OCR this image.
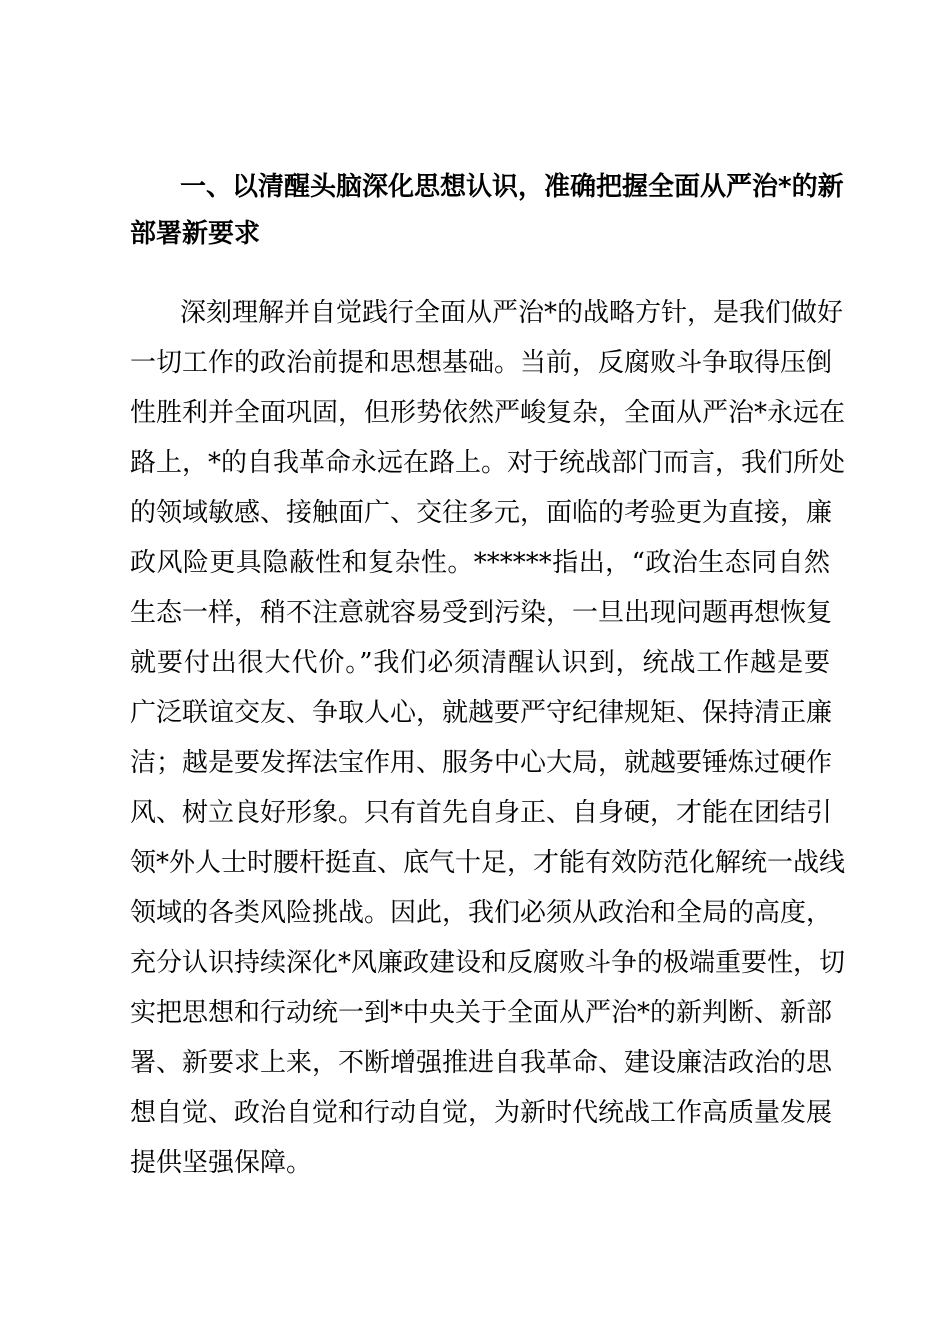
一、以清醒头脑深化思想认识，准确把握全面从严治*的新

部署新要求

深刻理解并自觉践行全面从严治*的战略方针，是我们做好

一切工作的政治前提和思想基础。当前，反腐败斗争取得压倒

性胜利并全面巩固，但形势依然严峻复杂，全面从严治*永远在

路上，*的自我革命永远在路上。对于统战部门而言，我们所处

的领域敏感、接触面广、交往多元，面临的考验更为直接，廉

政风险更具隐蔽性和复杂性。******指出，“政治生态同自然

生态一样，稍不注意就容易受到污染，一旦出现问题再想恢复

就要付出很大代价。”我们必须清醒认识到，统战工作越是要

广泛联谊交友、争取人心，就越要严守纪律规矩、保持清正廉

洁；越是要发挥法宝作用、服务中心大局，就越要锤炼过硬作

风、树立良好形象。只有首先自身正、自身硬，才能在团结引

领*外人士时腰杆挺直、底气十足，才能有效防范化解统一战线

领域的各类风险挑战。因此，我们必须从政治和全局的高度，

充分认识持续深化*风廉政建设和反腐败斗争的极端重要性，切

实把思想和行动统一到*中央关于全面从严治*的新判断、新部

署、新要求上来，不断增强推进自我革命、建设廉洁政治的思

想自觉、政治自觉和行动自觉，为新时代统战工作高质量发展

提供坚强保障。
